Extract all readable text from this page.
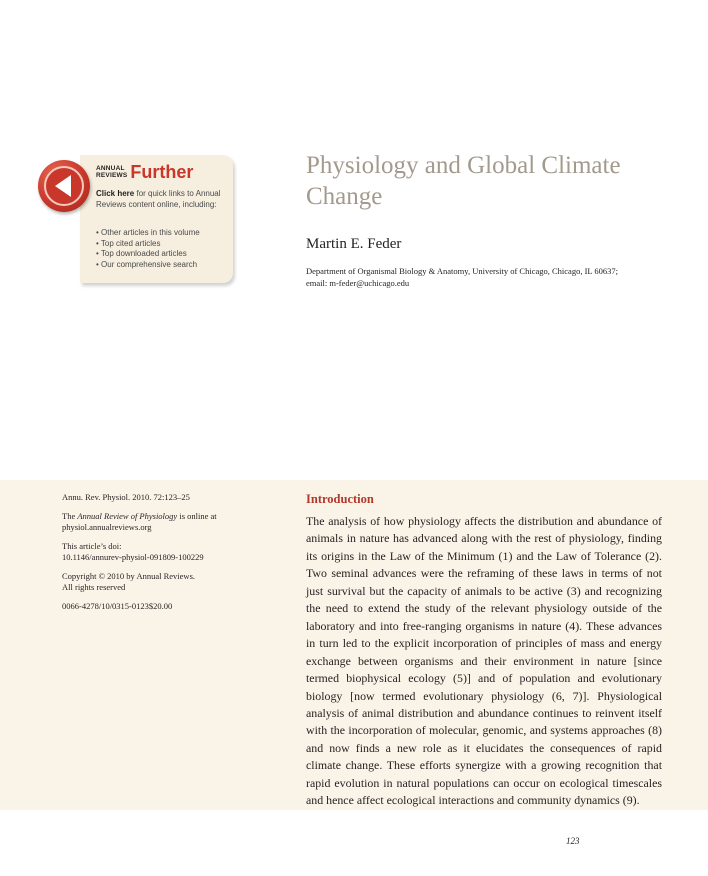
ANNUAL
REVIEWS Further
Click here for quick links to Annual Reviews content online, including:
• Other articles in this volume
• Top cited articles
• Top downloaded articles
• Our comprehensive search
Physiology and Global Climate Change
Martin E. Feder
Department of Organismal Biology & Anatomy, University of Chicago, Chicago, IL 60637;
email: m-feder@uchicago.edu

Annu. Rev. Physiol. 2010. 72:123–25

The Annual Review of Physiology is online at physiol.annualreviews.org

This article’s doi:
10.1146/annurev-physiol-091809-100229

Copyright © 2010 by Annual Reviews.
All rights reserved

0066-4278/10/0315-0123$20.00

Introduction

The analysis of how physiology affects the distribution and abundance of animals in nature has advanced along with the rest of physiology, finding its origins in the Law of the Minimum (1) and the Law of Tolerance (2). Two seminal advances were the reframing of these laws in terms of not just survival but the capacity of animals to be active (3) and recognizing the need to extend the study of the relevant physiology outside of the laboratory and into free-ranging organisms in nature (4). These advances in turn led to the explicit incorporation of principles of mass and energy exchange between organisms and their environment in nature [since termed biophysical ecology (5)] and of population and evolutionary biology [now termed evolutionary physiology (6, 7)]. Physiological analysis of animal distribution and abundance continues to reinvent itself with the incorporation of molecular, genomic, and systems approaches (8) and now finds a new role as it elucidates the consequences of rapid climate change. These efforts synergize with a growing recognition that rapid evolution in natural populations can occur on ecological timescales and hence affect ecological interactions and community dynamics (9).

123
